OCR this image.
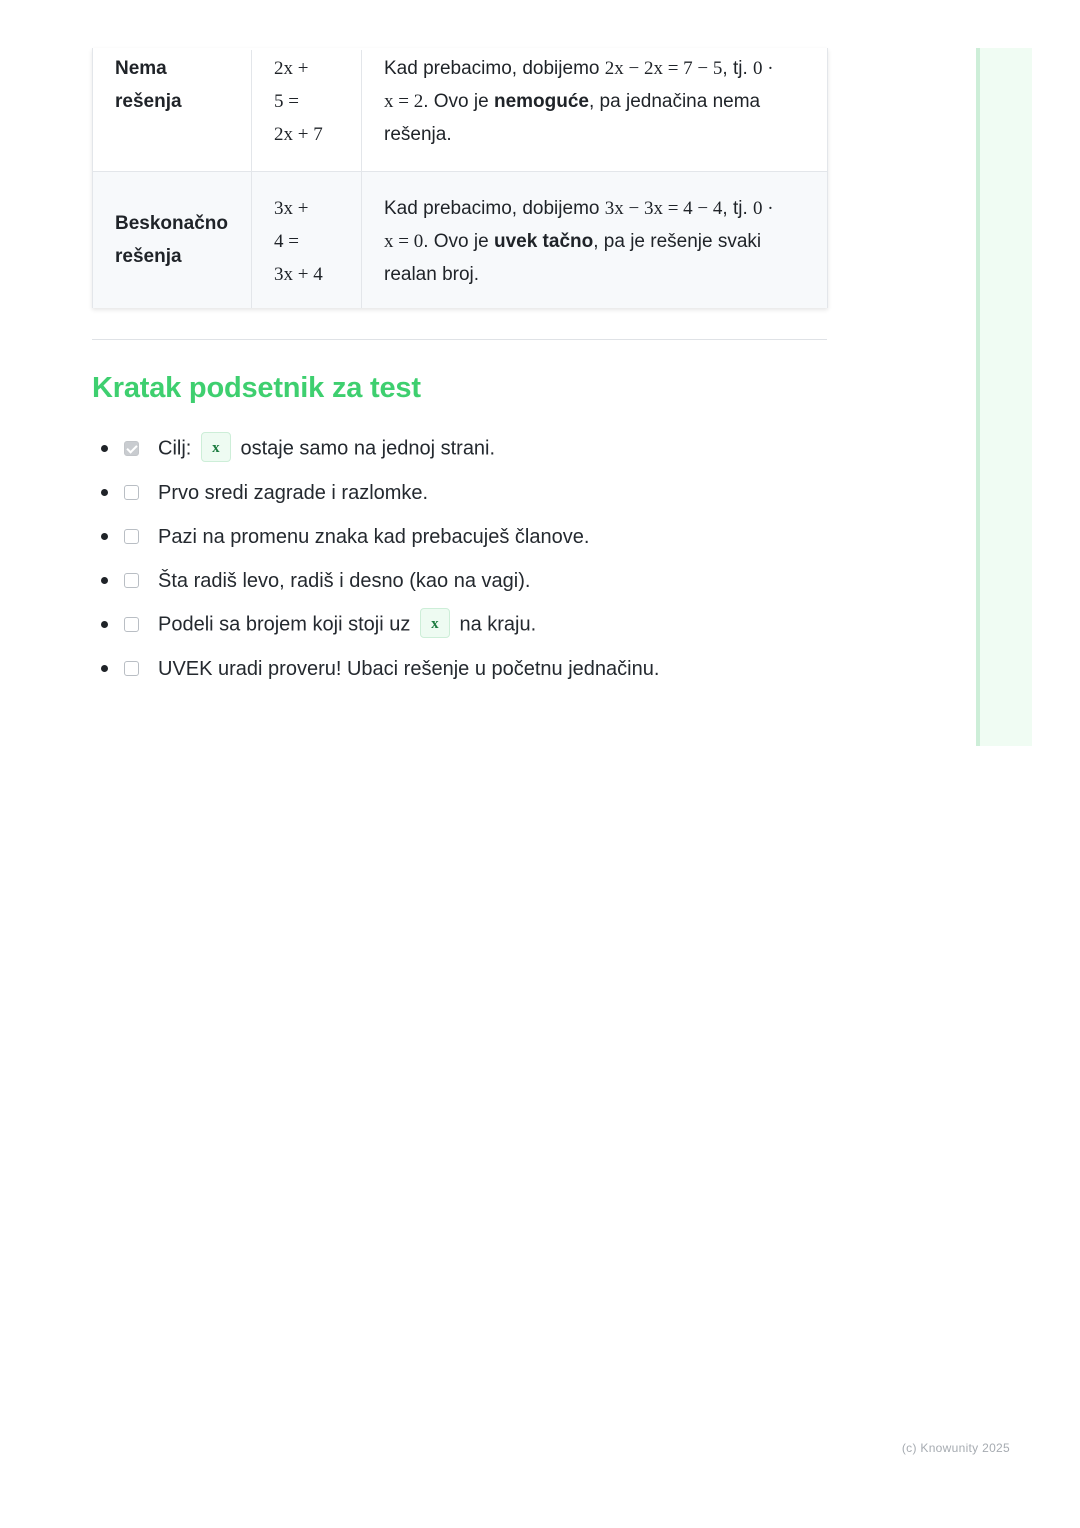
Nema
rešenja
2x +
5 =
2x + 7
Kad prebacimo, dobijemo 2x − 2x = 7 − 5, tj. 0 ·
x = 2. Ovo je nemoguće, pa jednačina nema
rešenja.
Beskonačno
rešenja
3x +
4 =
3x + 4
Kad prebacimo, dobijemo 3x − 3x = 4 − 4, tj. 0 ·
x = 0. Ovo je uvek tačno, pa je rešenje svaki
realan broj.
Kratak podsetnik za test
Cilj: x ostaje samo na jednoj strani.
Prvo sredi zagrade i razlomke.
Pazi na promenu znaka kad prebacuješ članove.
Šta radiš levo, radiš i desno (kao na vagi).
Podeli sa brojem koji stoji uz x na kraju.
UVEK uradi proveru! Ubaci rešenje u početnu jednačinu.
(c) Knowunity 2025
